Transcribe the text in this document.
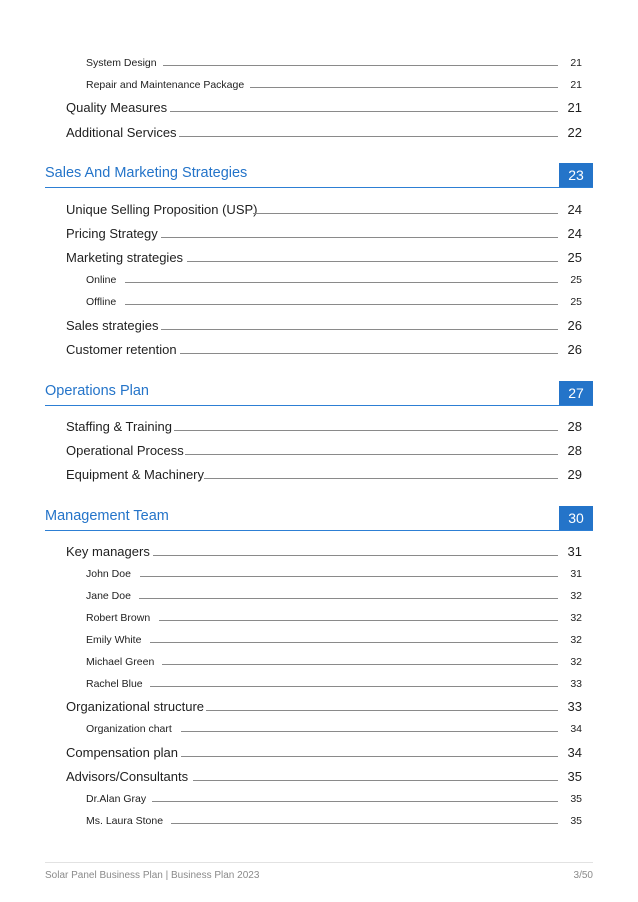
System Design	21
Repair and Maintenance Package	21
Quality Measures	21
Additional Services	22
Sales And Marketing Strategies	23
Unique Selling Proposition (USP)	24
Pricing Strategy	24
Marketing strategies	25
Online	25
Offline	25
Sales strategies	26
Customer retention	26
Operations Plan	27
Staffing & Training	28
Operational Process	28
Equipment & Machinery	29
Management Team	30
Key managers	31
John Doe	31
Jane Doe	32
Robert Brown	32
Emily White	32
Michael Green	32
Rachel Blue	33
Organizational structure	33
Organization chart	34
Compensation plan	34
Advisors/Consultants	35
Dr.Alan Gray	35
Ms. Laura Stone	35
Solar Panel Business Plan | Business Plan 2023	3/50
